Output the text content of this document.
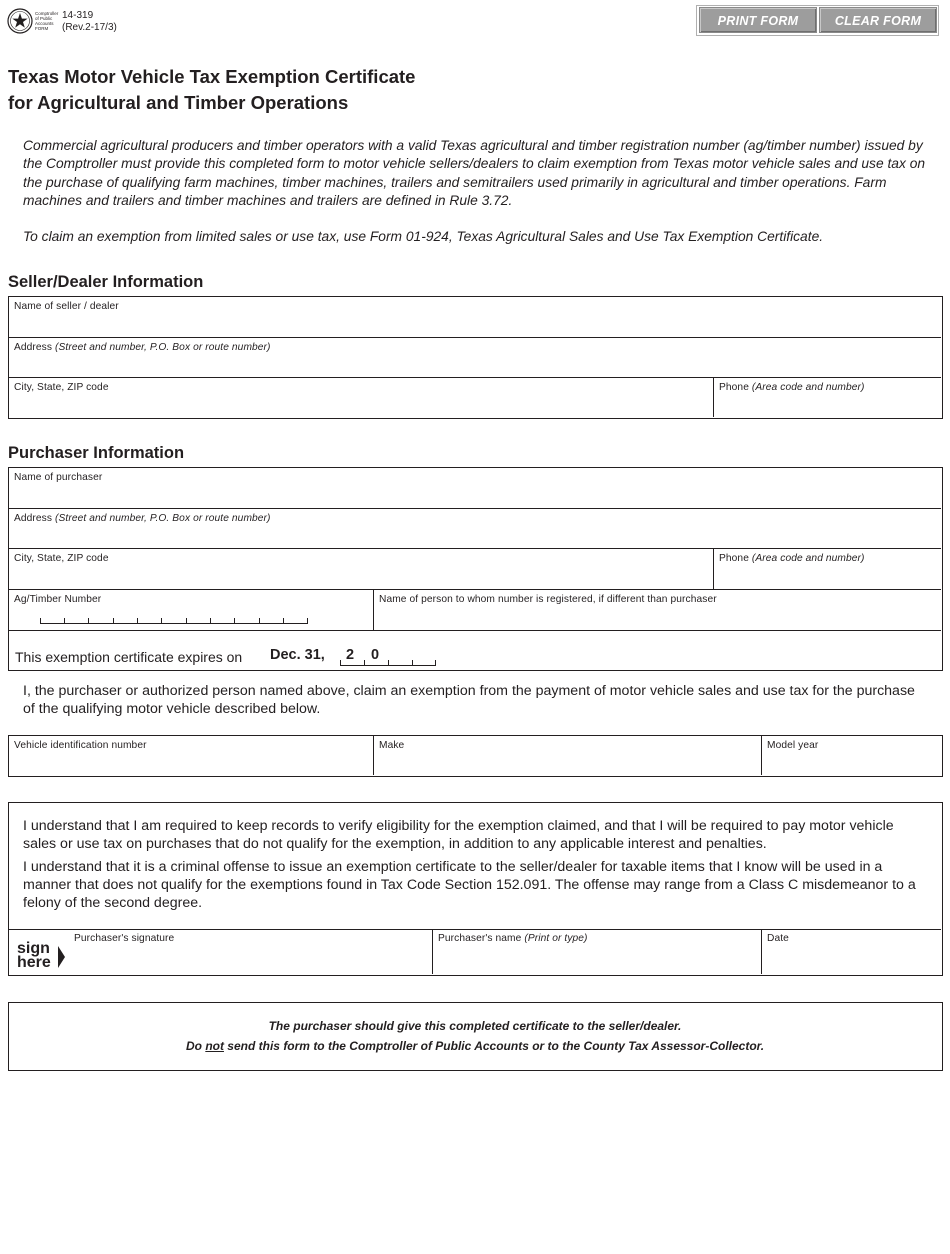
Comptroller of Public Accounts FORM
14-319
(Rev.2-17/3)	PRINT FORM	CLEAR FORM
Texas Motor Vehicle Tax Exemption Certificate
for Agricultural and Timber Operations

Commercial agricultural producers and timber operators with a valid Texas agricultural and timber registration number (ag/timber number) issued by the Comptroller must provide this completed form to motor vehicle sellers/dealers to claim exemption from Texas motor vehicle sales and use tax on the purchase of qualifying farm machines, timber machines, trailers and semitrailers used primarily in agricultural and timber operations. Farm machines and trailers and timber machines and trailers are defined in Rule 3.72.

To claim an exemption from limited sales or use tax, use Form 01-924, Texas Agricultural Sales and Use Tax Exemption Certificate.

Seller/Dealer Information
Name of seller / dealer
Address (Street and number, P.O. Box or route number)
City, State, ZIP code	Phone (Area code and number)
Purchaser Information
Name of purchaser
Address (Street and number, P.O. Box or route number)
City, State, ZIP code	Phone (Area code and number)
Ag/Timber Number	Name of person to whom number is registered, if different than purchaser
This exemption certificate expires on Dec. 31, 2 0
I, the purchaser or authorized person named above, claim an exemption from the payment of motor vehicle sales and use tax for the purchase of the qualifying motor vehicle described below.
Vehicle identification number	Make	Model year

I understand that I am required to keep records to verify eligibility for the exemption claimed, and that I will be required to pay motor vehicle sales or use tax on purchases that do not qualify for the exemption, in addition to any applicable interest and penalties.

I understand that it is a criminal offense to issue an exemption certificate to the seller/dealer for taxable items that I know will be used in a manner that does not qualify for the exemptions found in Tax Code Section 152.091. The offense may range from a Class C misdemeanor to a felony of the second degree.

sign
here
Purchaser's signature	Purchaser's name (Print or type)	Date
The purchaser should give this completed certificate to the seller/dealer.
Do not send this form to the Comptroller of Public Accounts or to the County Tax Assessor-Collector.
